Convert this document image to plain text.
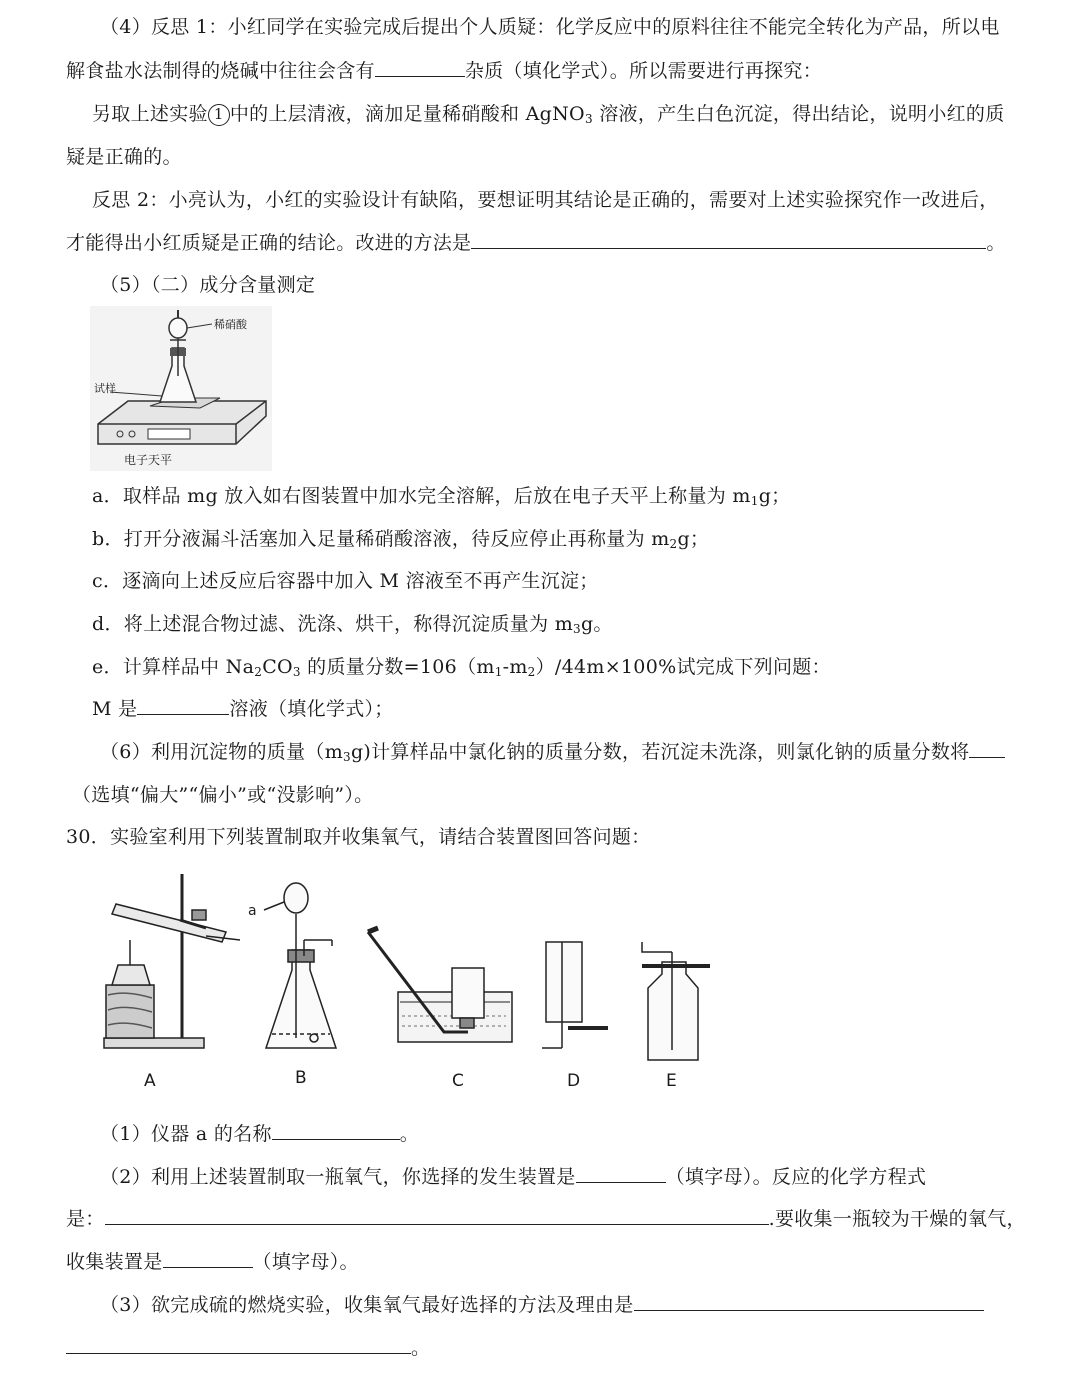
（4）反思 1：小红同学在实验完成后提出个人质疑：化学反应中的原料往往不能完全转化为产品，所以电
解食盐水法制得的烧碱中往往会含有	杂质（填化学式）。所以需要进行再探究：
另取上述实验 1 中的上层清液，滴加足量稀硝酸和 AgNO$_3$ 溶液，产生白色沉淀，得出结论，说明小红的质
疑是正确的。
反思 2：小亮认为，小红的实验设计有缺陷，要想证明其结论是正确的，需要对上述实验探究作一改进后，
才能得出小红质疑是正确的结论。改进的方法是	。
（5）（二）成分含量测定
稀硝酸
试样
电子天平
a．取样品 mg 放入如右图装置中加水完全溶解，后放在电子天平上称量为 $m_1g$；
b．打开分液漏斗活塞加入足量稀硝酸溶液，待反应停止再称量为 $m_2g$；
c．逐滴向上述反应后容器中加入 M 溶液至不再产生沉淀；
d．将上述混合物过滤、洗涤、烘干，称得沉淀质量为 $m_3g$。
e．计算样品中 $Na_2CO_3$ 的质量分数$=106(m_1-m_2)/44m\times 100\%$试完成下列问题：
M 是	溶液（填化学式）；
（6）利用沉淀物的质量$(m_3g)$计算样品中氯化钠的质量分数，若沉淀未洗涤，则氯化钠的质量分数将
（选填“偏大”“偏小”或“没影响”）。
30．实验室利用下列装置制取并收集氧气，请结合装置图回答问题：
a
A	B	C	D	E
（1）仪器 a 的名称	。
（2）利用上述装置制取一瓶氧气，你选择的发生装置是	（填字母）。反应的化学方程式
是：	.要收集一瓶较为干燥的氧气，
收集装置是	（填字母）。
（3）欲完成硫的燃烧实验，收集氧气最好选择的方法及理由是
。
